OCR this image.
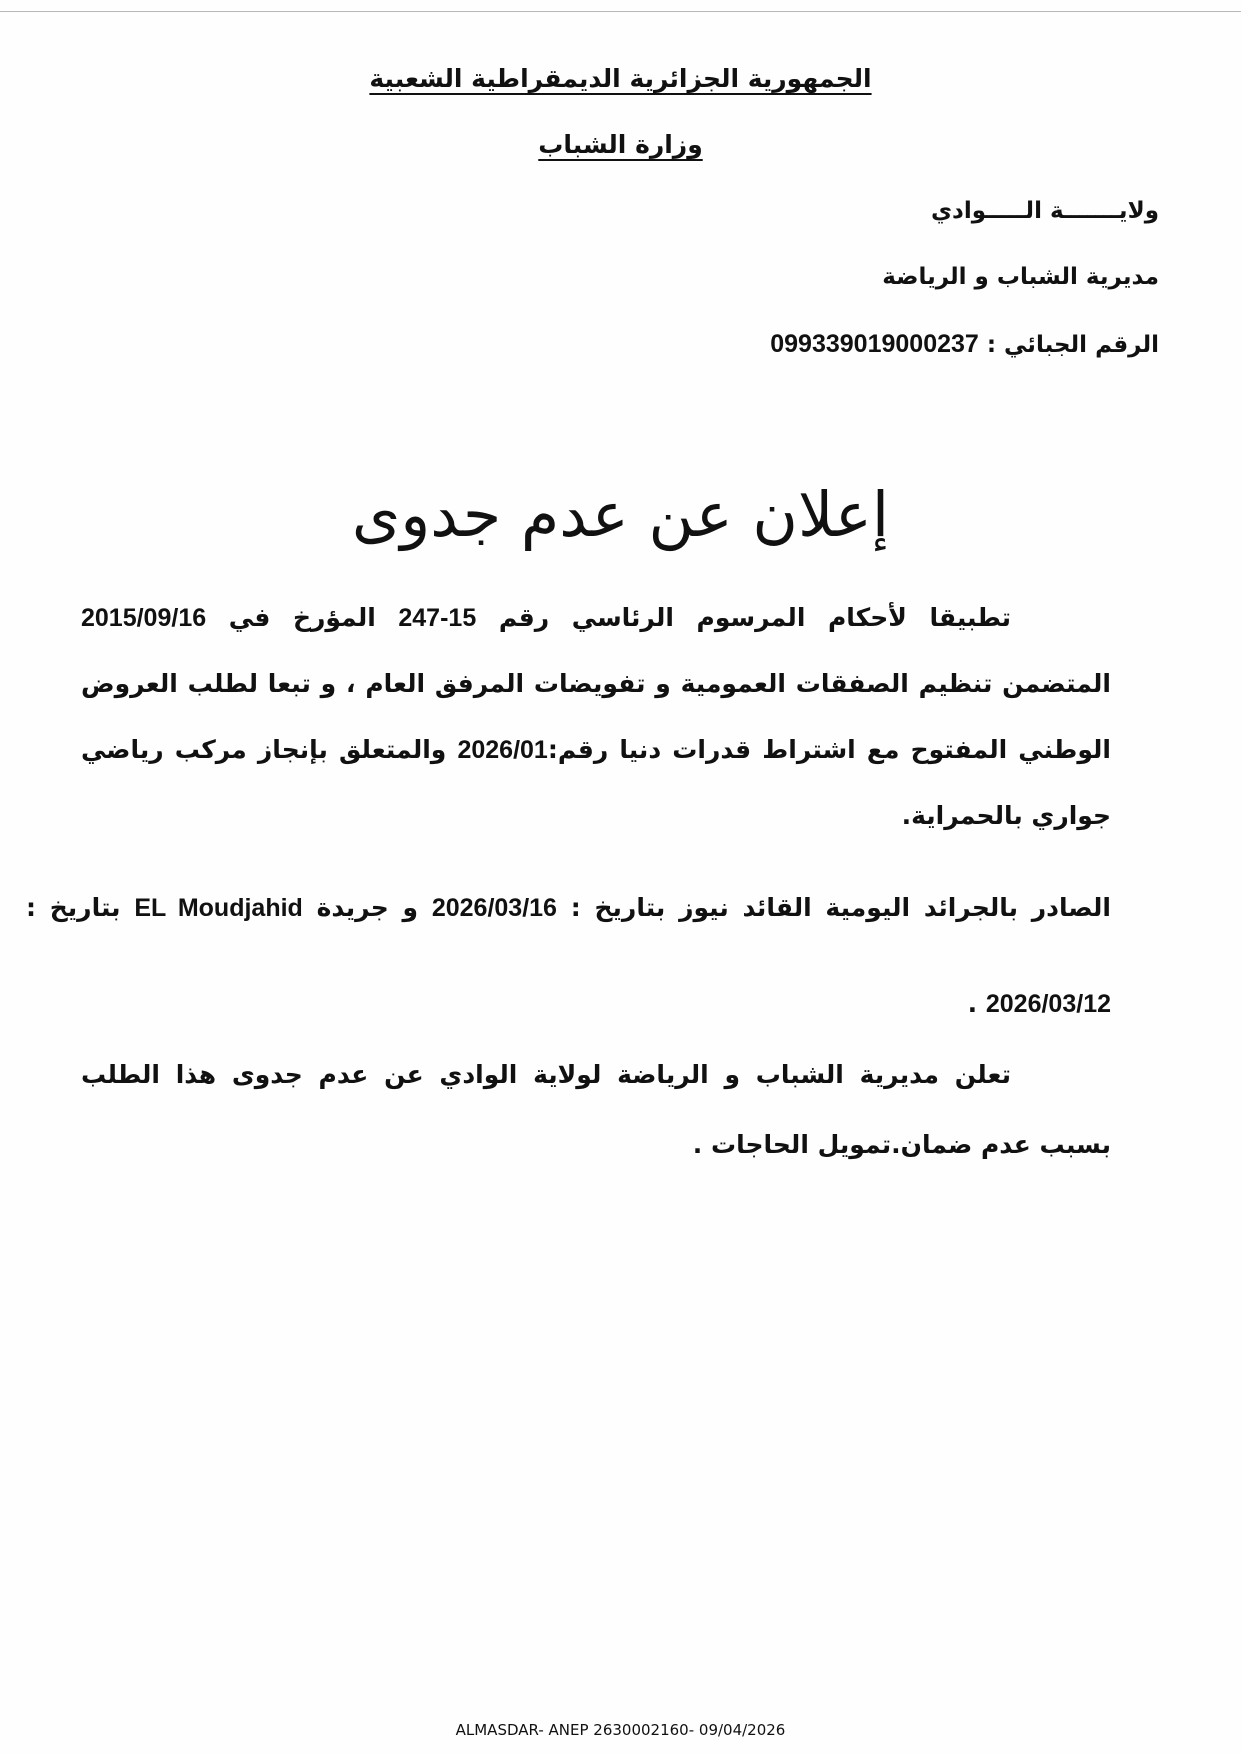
الجمهورية الجزائرية الديمقراطية الشعبية
وزارة الشباب
ولايـــــــة الـــــوادي
مديرية الشباب و الرياضة
الرقم الجبائي : 099339019000237
إعلان عن عدم جدوى
تطبيقا لأحكام المرسوم الرئاسي رقم 247-15 المؤرخ في 2015/09/16 المتضمن تنظيم الصفقات العمومية و تفويضات المرفق العام ، و تبعا لطلب العروض الوطني المفتوح مع اشتراط قدرات دنيا رقم:2026/01 والمتعلق بإنجاز مركب رياضي جواري بالحمراية.
الصادر بالجرائد اليومية القائد نيوز بتاريخ : 2026/03/16 و جريدة EL Moudjahid بتاريخ : 2026/03/12 .
تعلن مديرية الشباب و الرياضة لولاية الوادي عن عدم جدوى هذا الطلب بسبب عدم ضمان.تمويل الحاجات .
ALMASDAR- ANEP 2630002160- 09/04/2026
